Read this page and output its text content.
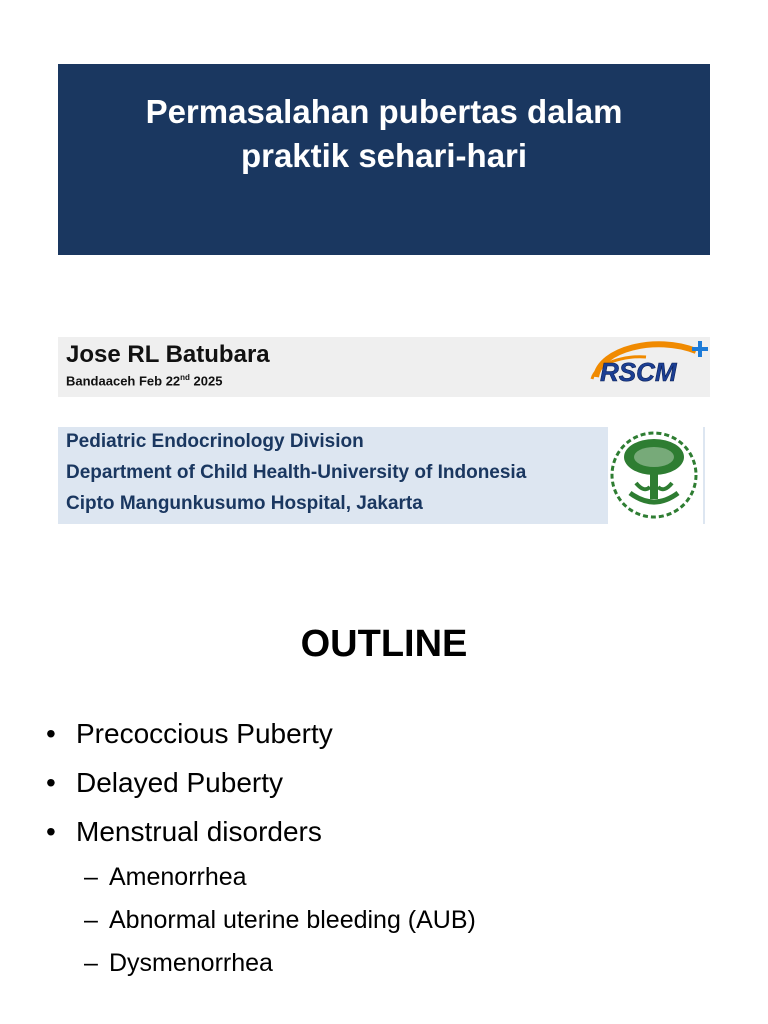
Permasalahan pubertas dalam
praktik sehari-hari
Jose RL Batubara
Bandaaceh Feb 22nd 2025	RSCM
Pediatric Endocrinology Division
Department of Child Health-University of Indonesia
Cipto Mangunkusumo Hospital, Jakarta
OUTLINE
• Precoccious Puberty
• Delayed Puberty
• Menstrual disorders
– Amenorrhea
– Abnormal uterine bleeding (AUB)
– Dysmenorrhea
